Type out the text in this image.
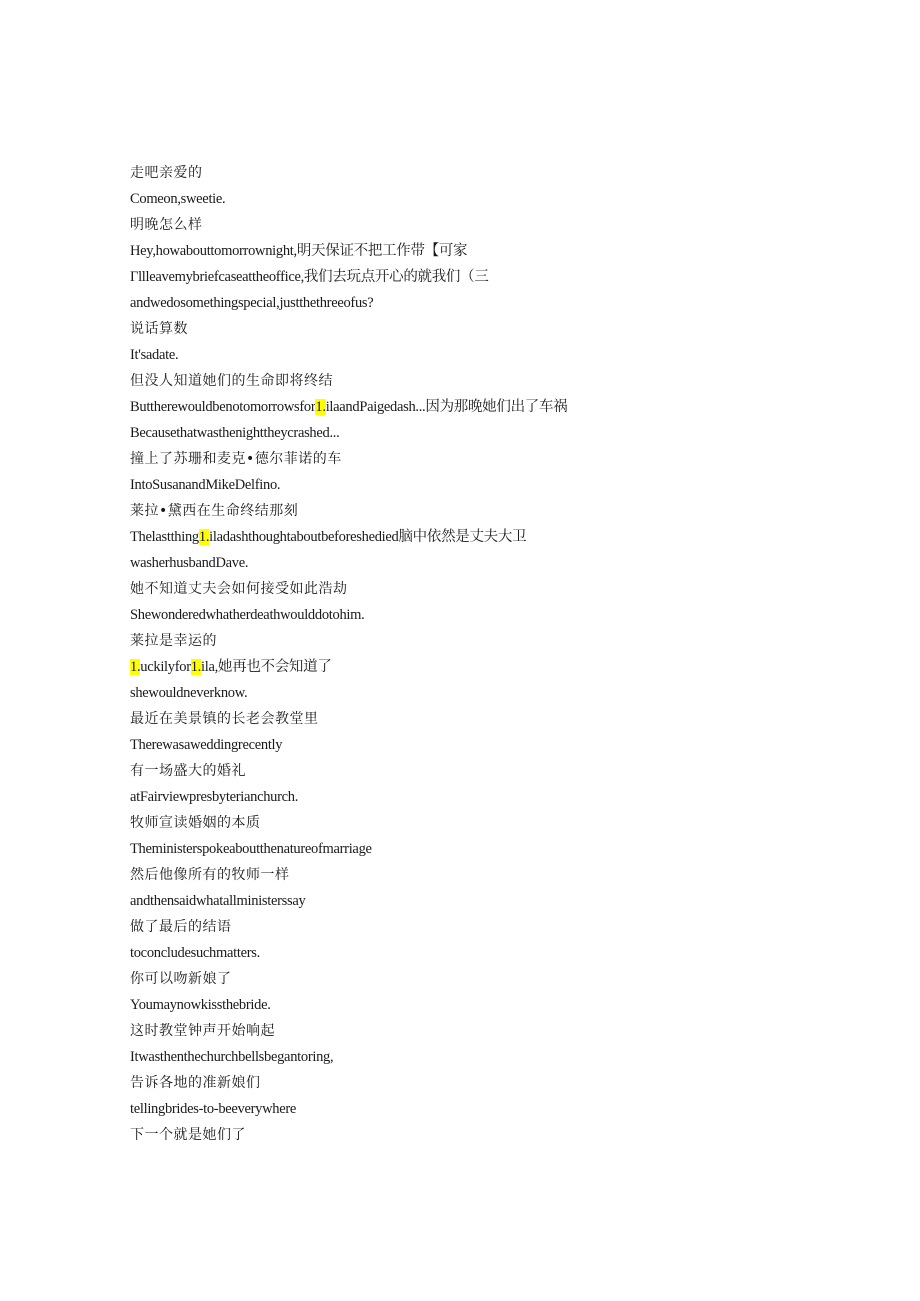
走吧亲爱的
Comeon,sweetie.
明晚怎么样
Hey,howabouttomorrownight,明天保证不把工作带【可家
Γllleavemybriefcaseattheoffice,我们去玩点开心的就我们（三
andwedosomethingspecial,justthethreeofus?
说话算数
It'sadate.
但没人知道她们的生命即将终结
Buttherewouldbenotomorrowsfor1.ilaandPaigedash...因为那晚她们出了车祸
Becausethatwasthenighttheycrashed...
撞上了苏珊和麦克•德尔菲诺的车
IntoSusanandMikeDelfino.
莱拉•黛西在生命终结那刻
Thelastthing1.iladashthoughtaboutbeforeshedied脑中依然是丈夫大卫
washerhusbandDave.
她不知道丈夫会如何接受如此浩劫
Shewonderedwhatherdeathwoulddotohim.
莱拉是幸运的
1.uckilyfor1.ila,她再也不会知道了
shewouldneverknow.
最近在美景镇的长老会教堂里
Therewasaweddingrecently
有一场盛大的婚礼
atFairviewpresbyterianchurch.
牧师宣读婚姻的本质
Theministerspokeaboutthenatureofmarriage
然后他像所有的牧师一样
andthensaidwhatallministerssay
做了最后的结语
toconcludesuchmatters.
你可以吻新娘了
Youmaynowkissthebride.
这时教堂钟声开始响起
Itwasthenthechurchbellsbegantoring,
告诉各地的准新娘们
tellingbrides-to-beeverywhere
下一个就是她们了
